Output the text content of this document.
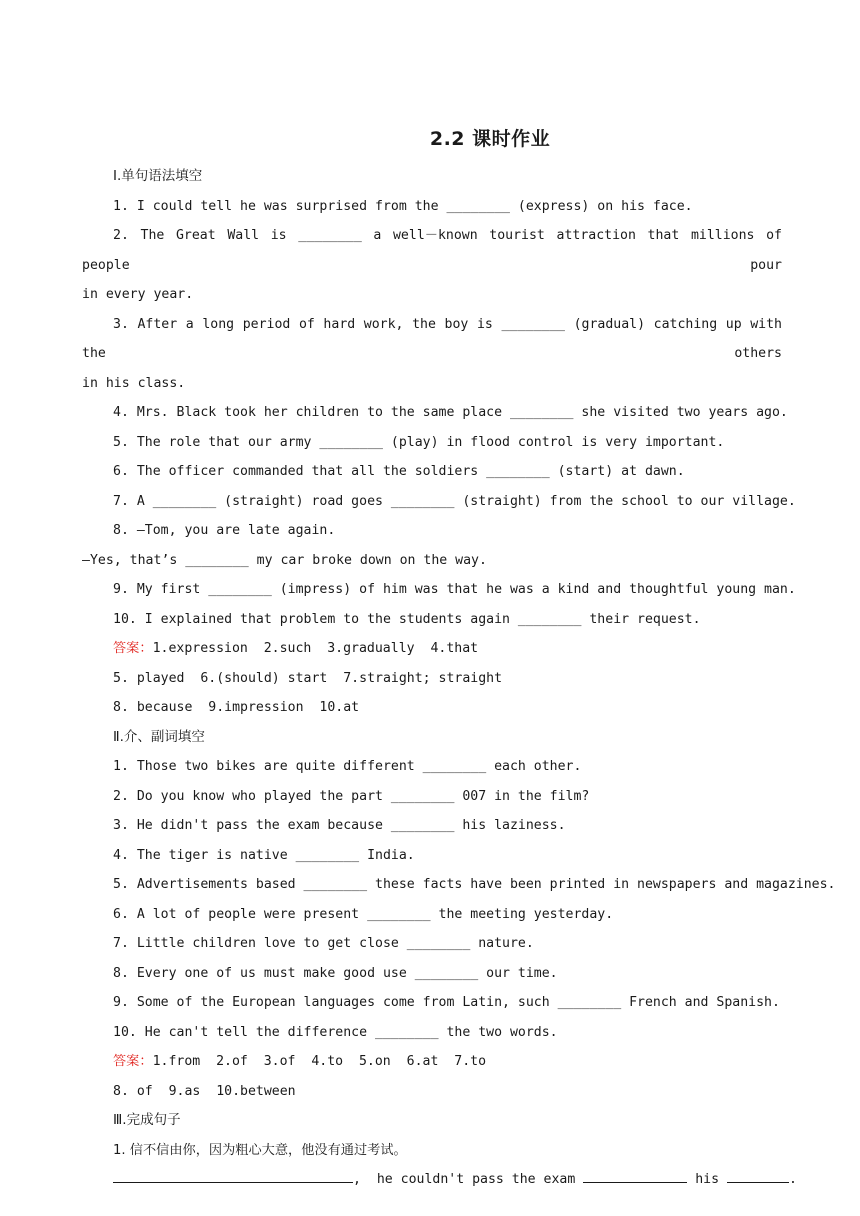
2.2 课时作业

Ⅰ.单句语法填空

1. I could tell he was surprised from the ________ (express) on his face.

2. The Great Wall is ________ a well－known tourist attraction that millions of people pour

in every year.

3. After a long period of hard work, the boy is ________ (gradual) catching up with the others

in his class.

4. Mrs. Black took her children to the same place ________ she visited two years ago.

5. The role that our army ________ (play) in flood control is very important.

6. The officer commanded that all the soldiers ________ (start) at dawn.

7. A ________ (straight) road goes ________ (straight) from the school to our village.

8. —Tom, you are late again.

—Yes, that’s ________ my car broke down on the way.

9. My first ________ (impress) of him was that he was a kind and thoughtful young man.

10. I explained that problem to the students again ________ their request.

答案：1.expression  2.such  3.gradually  4.that

5. played  6.(should) start  7.straight; straight

8. because  9.impression  10.at

Ⅱ.介、副词填空

1. Those two bikes are quite different ________ each other.

2. Do you know who played the part ________ 007 in the film?

3. He didn't pass the exam because ________ his laziness.

4. The tiger is native ________ India.

5. Advertisements based ________ these facts have been printed in newspapers and magazines.

6. A lot of people were present ________ the meeting yesterday.

7. Little children love to get close ________ nature.

8. Every one of us must make good use ________ our time.

9. Some of the European languages come from Latin, such ________ French and Spanish.

10. He can't tell the difference ________ the two words.

答案：1.from  2.of  3.of  4.to  5.on  6.at  7.to

8. of  9.as  10.between

Ⅲ.完成句子

1. 信不信由你，因为粗心大意，他没有通过考试。

,  he couldn't pass the exam	his	.
